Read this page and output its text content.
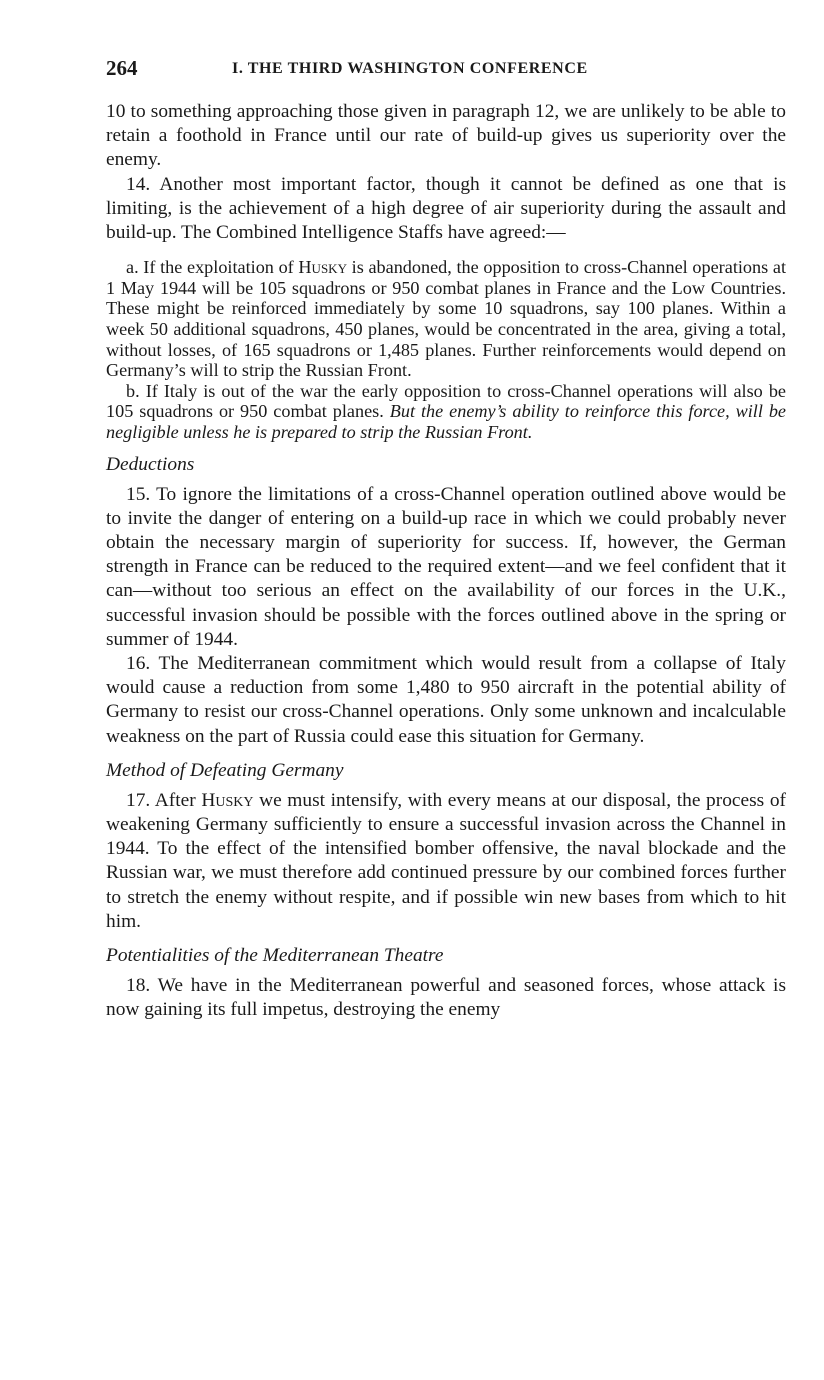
264	I. THE THIRD WASHINGTON CONFERENCE

10 to something approaching those given in paragraph 12, we are unlikely to be able to retain a foothold in France until our rate of build-up gives us superiority over the enemy.

14. Another most important factor, though it cannot be defined as one that is limiting, is the achievement of a high degree of air superiority during the assault and build-up. The Combined Intelligence Staffs have agreed:—

a. If the exploitation of Husky is abandoned, the opposition to cross-Channel operations at 1 May 1944 will be 105 squadrons or 950 combat planes in France and the Low Countries. These might be reinforced immediately by some 10 squadrons, say 100 planes. Within a week 50 additional squadrons, 450 planes, would be concentrated in the area, giving a total, without losses, of 165 squadrons or 1,485 planes. Further reinforcements would depend on Germany’s will to strip the Russian Front.

b. If Italy is out of the war the early opposition to cross-Channel operations will also be 105 squadrons or 950 combat planes. But the enemy’s ability to reinforce this force, will be negligible unless he is prepared to strip the Russian Front.

Deductions

15. To ignore the limitations of a cross-Channel operation outlined above would be to invite the danger of entering on a build-up race in which we could probably never obtain the necessary margin of superiority for success. If, however, the German strength in France can be reduced to the required extent—and we feel confident that it can—without too serious an effect on the availability of our forces in the U.K., successful invasion should be possible with the forces outlined above in the spring or summer of 1944.

16. The Mediterranean commitment which would result from a collapse of Italy would cause a reduction from some 1,480 to 950 aircraft in the potential ability of Germany to resist our cross-Channel operations. Only some unknown and incalculable weakness on the part of Russia could ease this situation for Germany.

Method of Defeating Germany

17. After Husky we must intensify, with every means at our disposal, the process of weakening Germany sufficiently to ensure a successful invasion across the Channel in 1944. To the effect of the intensified bomber offensive, the naval blockade and the Russian war, we must therefore add continued pressure by our combined forces further to stretch the enemy without respite, and if possible win new bases from which to hit him.

Potentialities of the Mediterranean Theatre

18. We have in the Mediterranean powerful and seasoned forces, whose attack is now gaining its full impetus, destroying the enemy
